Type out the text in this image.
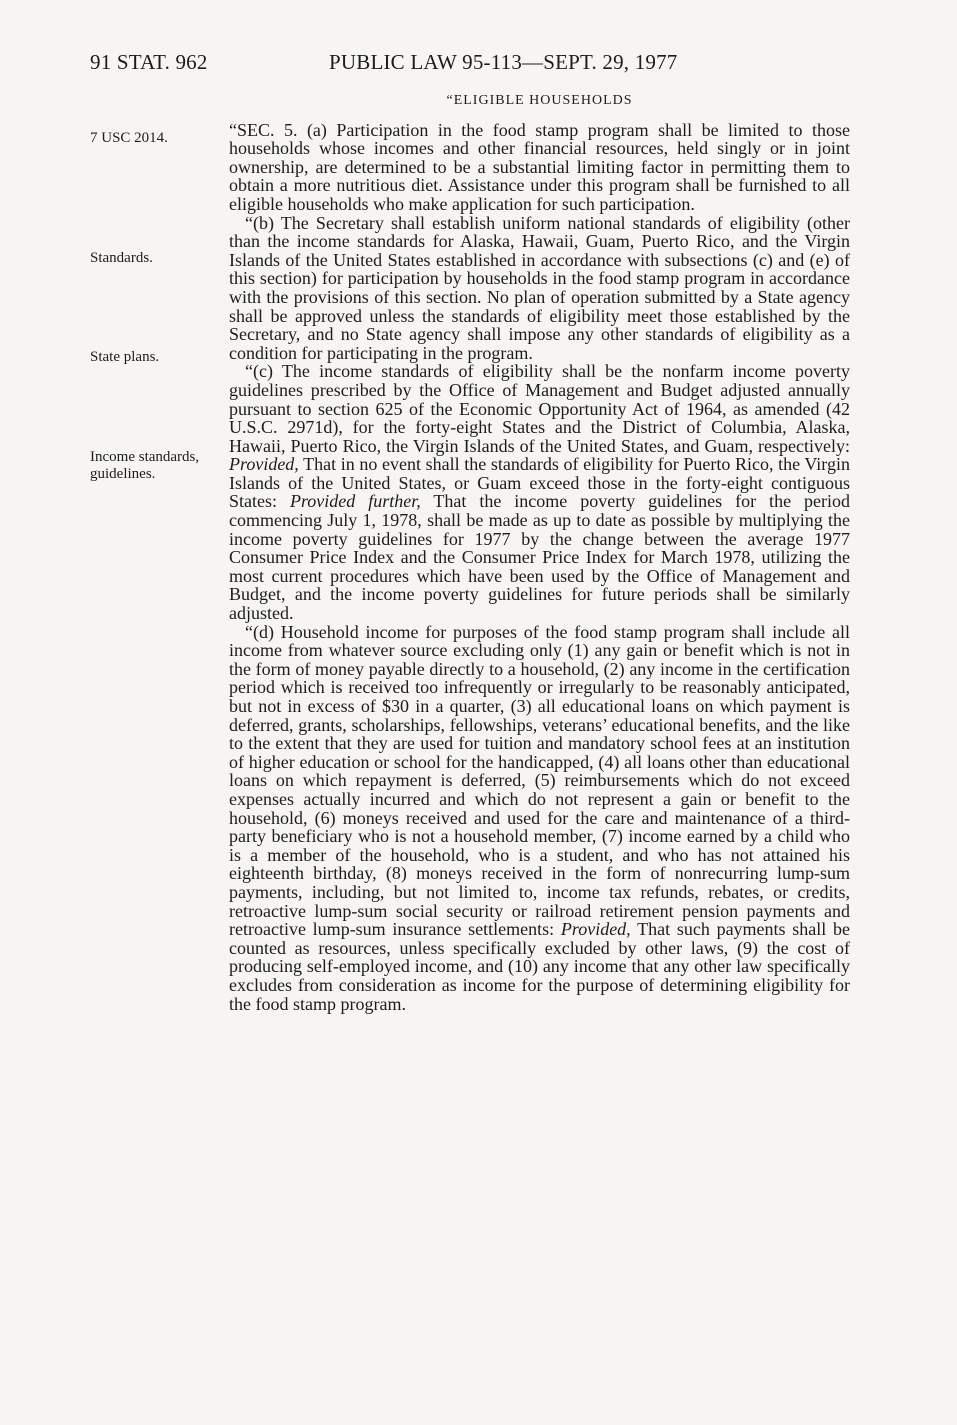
91 STAT. 962	PUBLIC LAW 95-113—SEPT. 29, 1977
7 USC 2014.
Standards.
State plans.
Income standards, guidelines.
“ELIGIBLE HOUSEHOLDS

“SEC. 5. (a) Participation in the food stamp program shall be limited to those households whose incomes and other financial resources, held singly or in joint ownership, are determined to be a substantial limiting factor in permitting them to obtain a more nutritious diet. Assistance under this program shall be furnished to all eligible households who make application for such participation.

“(b) The Secretary shall establish uniform national standards of eligibility (other than the income standards for Alaska, Hawaii, Guam, Puerto Rico, and the Virgin Islands of the United States established in accordance with subsections (c) and (e) of this section) for participation by households in the food stamp program in accordance with the provisions of this section. No plan of operation submitted by a State agency shall be approved unless the standards of eligibility meet those established by the Secretary, and no State agency shall impose any other standards of eligibility as a condition for participating in the program.

“(c) The income standards of eligibility shall be the nonfarm income poverty guidelines prescribed by the Office of Management and Budget adjusted annually pursuant to section 625 of the Economic Opportunity Act of 1964, as amended (42 U.S.C. 2971d), for the forty-eight States and the District of Columbia, Alaska, Hawaii, Puerto Rico, the Virgin Islands of the United States, and Guam, respectively: Provided, That in no event shall the standards of eligibility for Puerto Rico, the Virgin Islands of the United States, or Guam exceed those in the forty-eight contiguous States: Provided further, That the income poverty guidelines for the period commencing July 1, 1978, shall be made as up to date as possible by multiplying the income poverty guidelines for 1977 by the change between the average 1977 Consumer Price Index and the Consumer Price Index for March 1978, utilizing the most current procedures which have been used by the Office of Management and Budget, and the income poverty guidelines for future periods shall be similarly adjusted.

“(d) Household income for purposes of the food stamp program shall include all income from whatever source excluding only (1) any gain or benefit which is not in the form of money payable directly to a household, (2) any income in the certification period which is received too infrequently or irregularly to be reasonably anticipated, but not in excess of $30 in a quarter, (3) all educational loans on which payment is deferred, grants, scholarships, fellowships, veterans’ educational benefits, and the like to the extent that they are used for tuition and mandatory school fees at an institution of higher education or school for the handicapped, (4) all loans other than educational loans on which repayment is deferred, (5) reimbursements which do not exceed expenses actually incurred and which do not represent a gain or benefit to the household, (6) moneys received and used for the care and maintenance of a third-party beneficiary who is not a household member, (7) income earned by a child who is a member of the household, who is a student, and who has not attained his eighteenth birthday, (8) moneys received in the form of nonrecurring lump-sum payments, including, but not limited to, income tax refunds, rebates, or credits, retroactive lump-sum social security or railroad retirement pension payments and retroactive lump-sum insurance settlements: Provided, That such payments shall be counted as resources, unless specifically excluded by other laws, (9) the cost of producing self-employed income, and (10) any income that any other law specifically excludes from consideration as income for the purpose of determining eligibility for the food stamp program.
